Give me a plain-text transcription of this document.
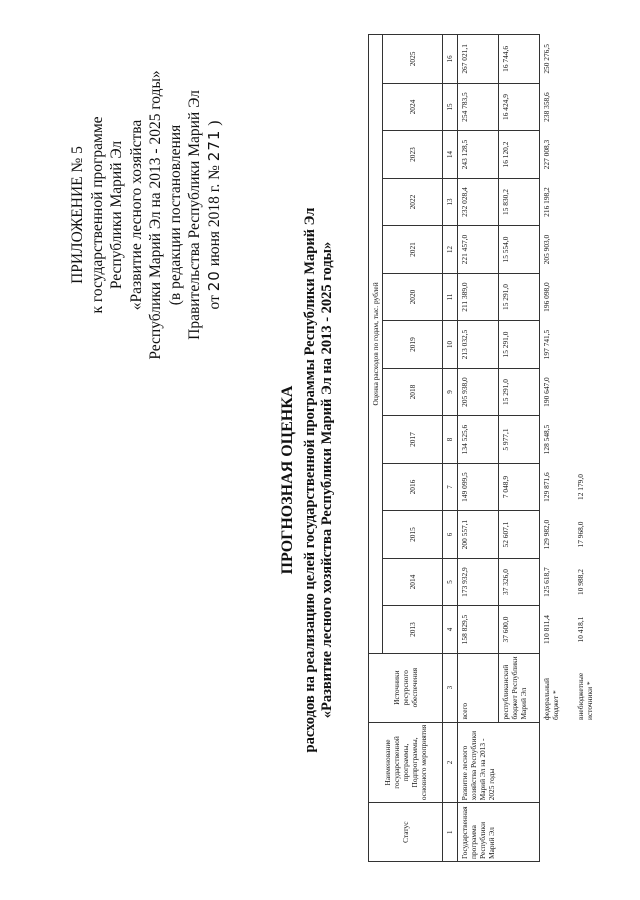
ПРИЛОЖЕНИЕ № 5 к государственной программе Республики Марий Эл «Развитие лесного хозяйства Республики Марий Эл на 2013 - 2025 годы» (в редакции постановления Правительства Республики Марий Эл от 20 июня 2018 г. № 271 )
ПРОГНОЗНАЯ ОЦЕНКА расходов на реализацию целей государственной программы Республики Марий Эл «Развитие лесного хозяйства Республики Марий Эл на 2013 - 2025 годы»
Статус	Наименование государственной программы, Подпрограммы, основного мероприятия	Источники ресурсного обеспечения	Оценка расходов по годам, тыс. рублей												
			2013	2014	2015	2016	2017	2018	2019	2020	2021	2022	2023	2024	2025
1	2	3	4	5	6	7	8	9	10	11	12	13	14	15	16
Государственная программа Республики Марий Эл	Развитие лесного хозяйства Республики Марий Эл на 2013 - 2025 годы	всего	158 829,5	173 932,9	200 557,1	149 099,5	134 525,6	205 938,0	213 032,5	211 389,0	221 457,0	232 028,4	243 128,5	254 783,5	267 021,1
		республиканский бюджет Республики Марий Эл	37 600,0	37 326,0	52 607,1	7 048,9	5 977,1	15 291,0	15 291,0	15 291,0	15 554,0	15 830,2	16 120,2	16 424,9	16 744,6
		федеральный бюджет *	110 811,4	125 618,7	129 982,0	129 871,6	128 548,5	190 647,0	197 741,5	196 098,0	205 903,0	216 198,2	227 008,3	238 358,6	250 276,5
		внебюджетные источники *	10 418,1	10 988,2	17 968,0	12 179,0									
